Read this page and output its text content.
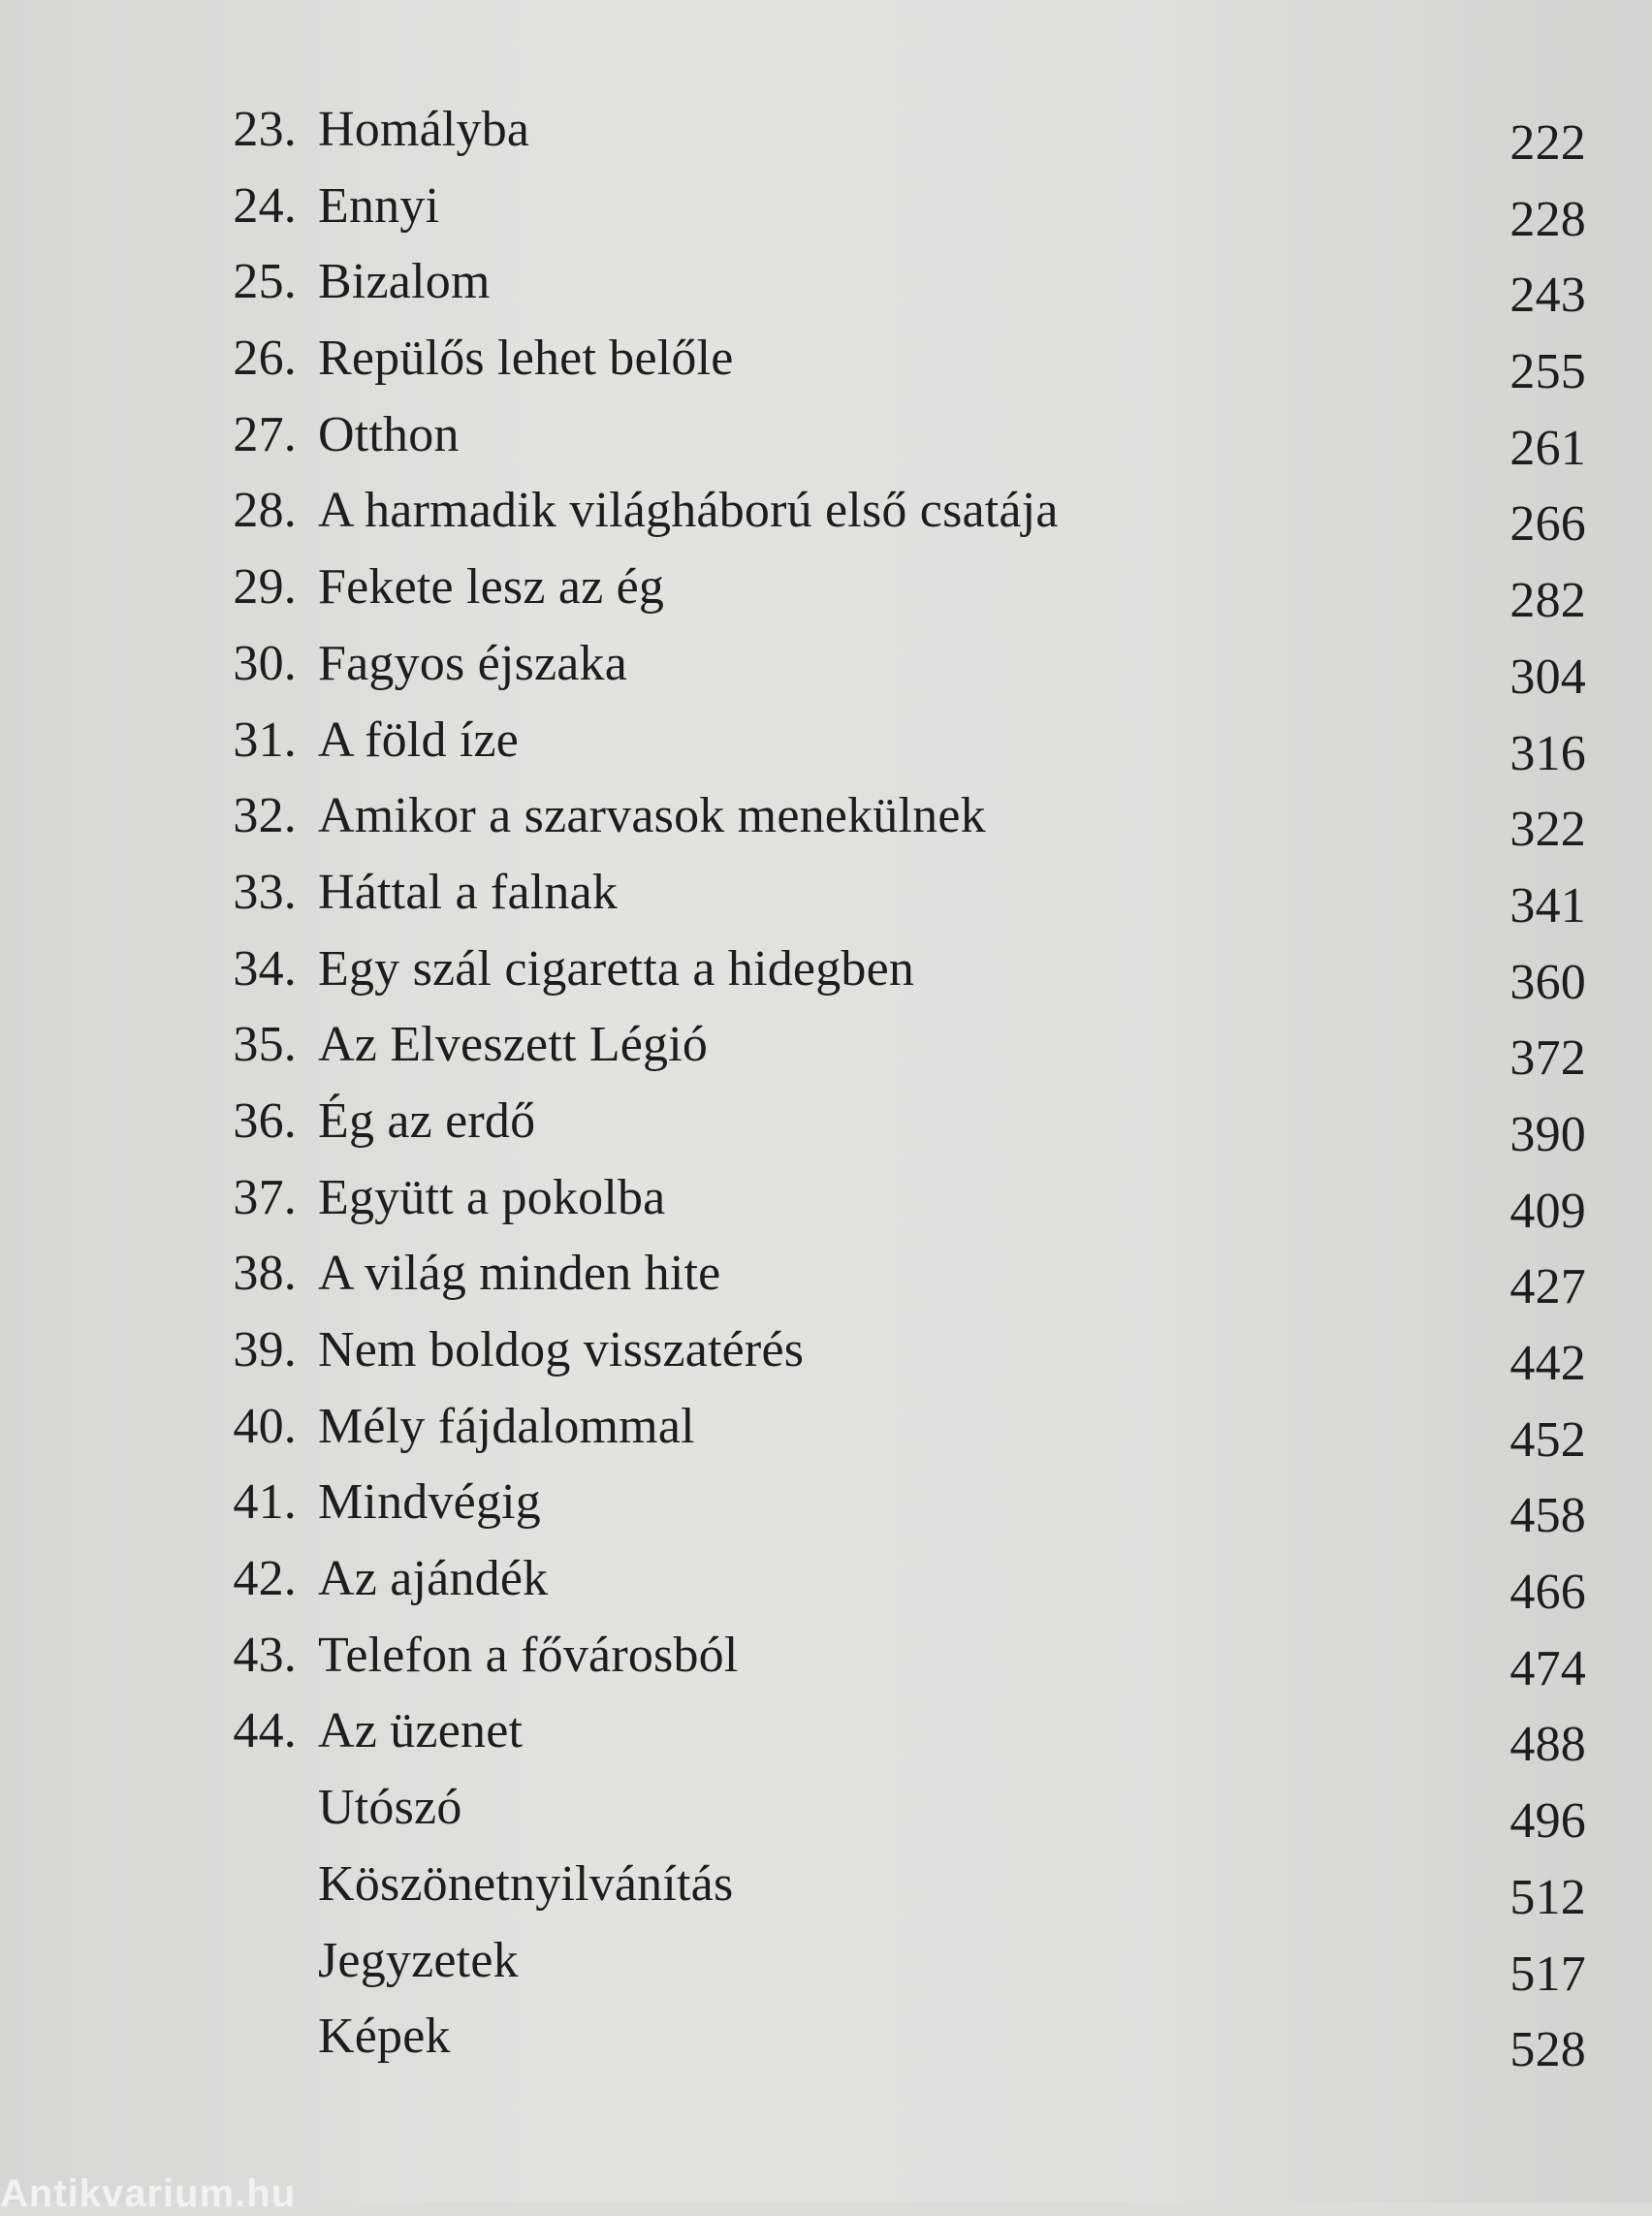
23. Homályba	222
24. Ennyi	228
25. Bizalom	243
26. Repülős lehet belőle	255
27. Otthon	261
28. A harmadik világháború első csatája	266
29. Fekete lesz az ég	282
30. Fagyos éjszaka	304
31. A föld íze	316
32. Amikor a szarvasok menekülnek	322
33. Háttal a falnak	341
34. Egy szál cigaretta a hidegben	360
35. Az Elveszett Légió	372
36. Ég az erdő	390
37. Együtt a pokolba	409
38. A világ minden hite	427
39. Nem boldog visszatérés	442
40. Mély fájdalommal	452
41. Mindvégig	458
42. Az ajándék	466
43. Telefon a fővárosból	474
44. Az üzenet	488
Utószó	496
Köszönetnyilvánítás	512
Jegyzetek	517
Képek	528
Antikvarium.hu
